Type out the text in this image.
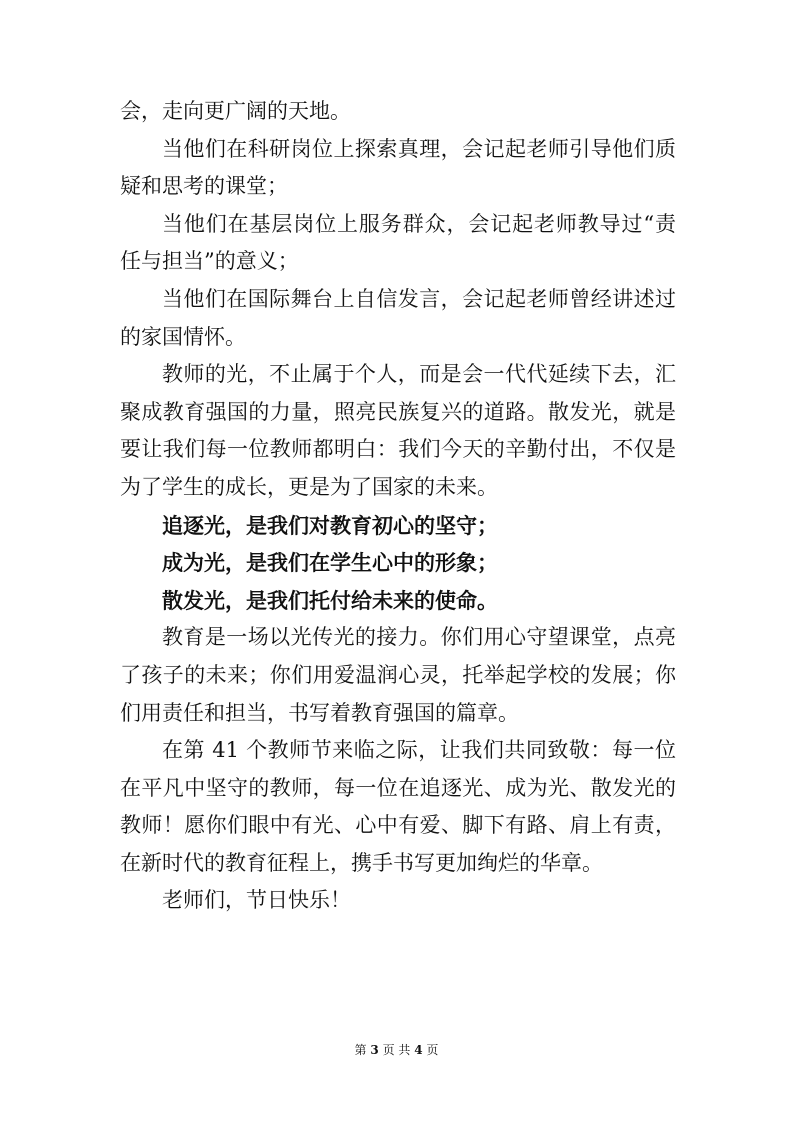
会，走向更广阔的天地。

当他们在科研岗位上探索真理，会记起老师引导他们质疑和思考的课堂；

当他们在基层岗位上服务群众，会记起老师教导过“责任与担当”的意义；

当他们在国际舞台上自信发言，会记起老师曾经讲述过的家国情怀。

教师的光，不止属于个人，而是会一代代延续下去，汇聚成教育强国的力量，照亮民族复兴的道路。散发光，就是要让我们每一位教师都明白：我们今天的辛勤付出，不仅是为了学生的成长，更是为了国家的未来。

追逐光，是我们对教育初心的坚守；

成为光，是我们在学生心中的形象；

散发光，是我们托付给未来的使命。

教育是一场以光传光的接力。你们用心守望课堂，点亮了孩子的未来；你们用爱温润心灵，托举起学校的发展；你们用责任和担当，书写着教育强国的篇章。

在第 41 个教师节来临之际，让我们共同致敬：每一位在平凡中坚守的教师，每一位在追逐光、成为光、散发光的教师！愿你们眼中有光、心中有爱、脚下有路、肩上有责，在新时代的教育征程上，携手书写更加绚烂的华章。

老师们，节日快乐！

第 3 页 共 4 页
